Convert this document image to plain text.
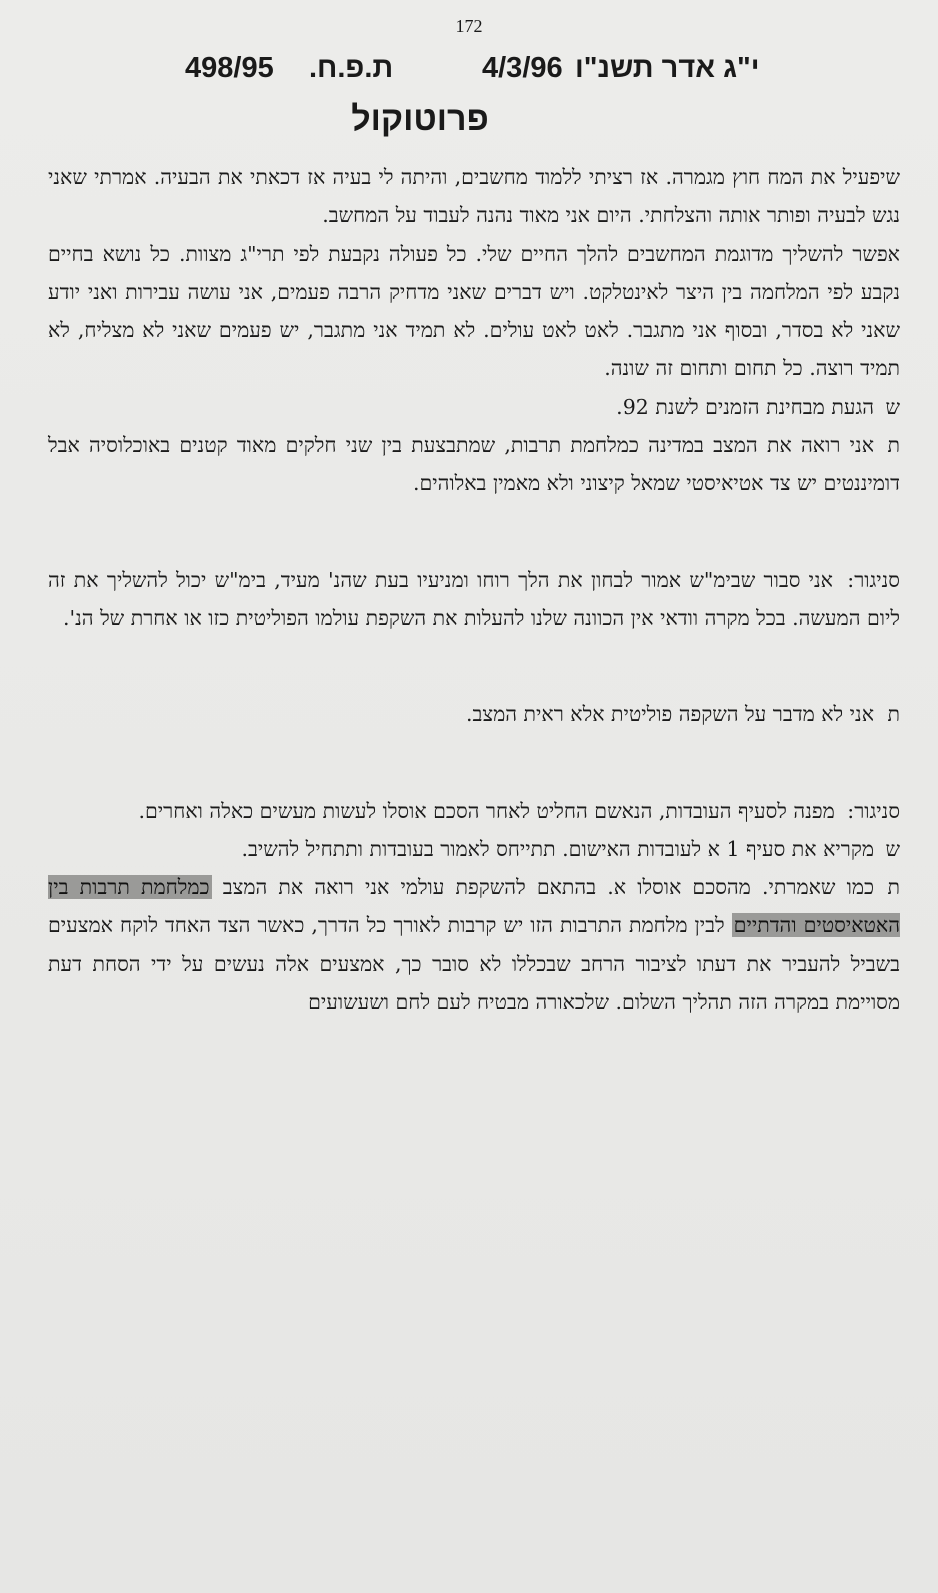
172
498/95 ת.פ.ח.	4/3/96 י"ג אדר תשנ"ו
פרוטוקול

שיפעיל את המח חוץ מגמרה. אז רציתי ללמוד מחשבים, והיתה לי בעיה אז דכאתי את הבעיה. אמרתי שאני נגש לבעיה ופותר אותה והצלחתי. היום אני מאוד נהנה לעבוד על המחשב.

אפשר להשליך מדוגמת המחשבים להלך החיים שלי. כל פעולה נקבעת לפי תרי"ג מצוות. כל נושא בחיים נקבע לפי המלחמה בין היצר לאינטלקט. ויש דברים שאני מדחיק הרבה פעמים, אני עושה עבירות ואני יודע שאני לא בסדר, ובסוף אני מתגבר. לאט לאט עולים. לא תמיד אני מתגבר, יש פעמים שאני לא מצליח, לא תמיד רוצה. כל תחום ותחום זה שונה.

שהגעת מבחינת הזמנים לשנת 92.

תאני רואה את המצב במדינה כמלחמת תרבות, שמתבצעת בין שני חלקים מאוד קטנים באוכלוסיה אבל דומיננטים יש צד אטיאיסטי שמאל קיצוני ולא מאמין באלוהים.

סניגור: אני סבור שבימ"ש אמור לבחון את הלך רוחו ומניעיו בעת שהנ' מעיד, בימ"ש יכול להשליך את זה ליום המעשה. בכל מקרה וודאי אין הכוונה שלנו להעלות את השקפת עולמו הפוליטית כזו או אחרת של הנ'.

תאני לא מדבר על השקפה פוליטית אלא ראית המצב.

סניגור: מפנה לסעיף העובדות, הנאשם החליט לאחר הסכם אוסלו לעשות מעשים כאלה ואחרים.

שמקריא את סעיף 1 א לעובדות האישום. תתייחס לאמור בעובדות ותתחיל להשיב.

תכמו שאמרתי. מהסכם אוסלו א. בהתאם להשקפת עולמי אני רואה את המצב כמלחמת תרבות בין האטאיסטים והדתיים לבין מלחמת התרבות הזו יש קרבות לאורך כל הדרך, כאשר הצד האחד לוקח אמצעים בשביל להעביר את דעתו לציבור הרחב שבכללו לא סובר כך, אמצעים אלה נעשים על ידי הסחת דעת מסויימת במקרה הזה תהליך השלום. שלכאורה מבטיח לעם לחם ושעשועים
